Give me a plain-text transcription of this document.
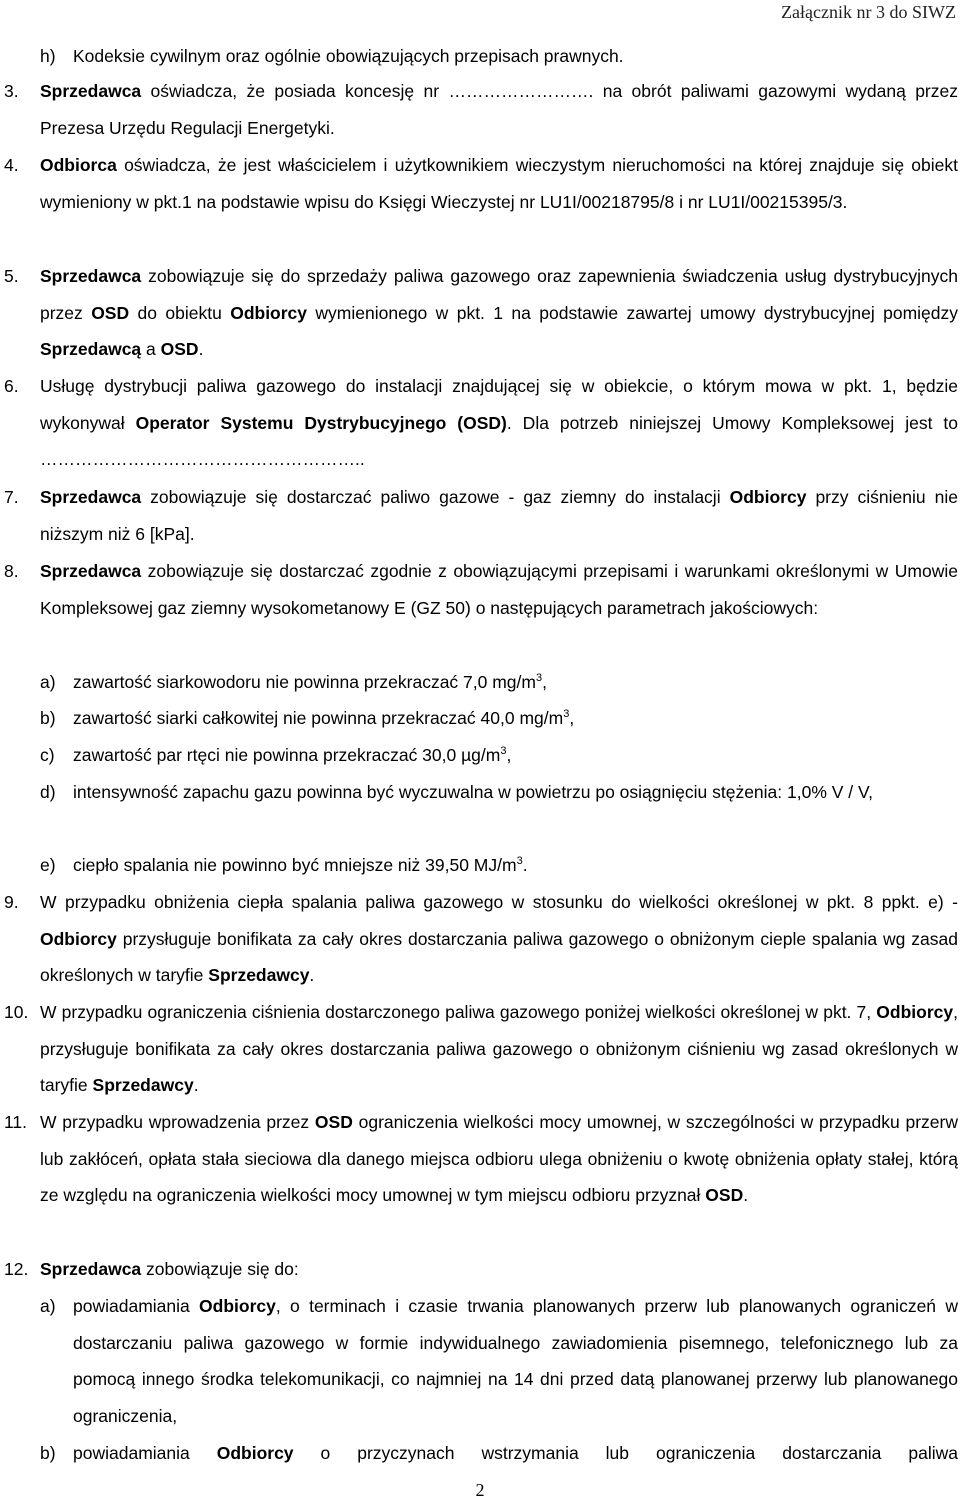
Załącznik nr 3 do SIWZ
h) Kodeksie cywilnym oraz ogólnie obowiązujących przepisach prawnych.
3.	Sprzedawca oświadcza, że posiada koncesję nr ……………………. na obrót paliwami gazowymi wydaną przez Prezesa Urzędu Regulacji Energetyki.
4.	Odbiorca oświadcza, że jest właścicielem i użytkownikiem wieczystym nieruchomości na której znajduje się obiekt wymieniony w pkt.1 na podstawie wpisu do Księgi Wieczystej nr LU1I/00218795/8 i nr LU1I/00215395/3.
5.	Sprzedawca zobowiązuje się do sprzedaży paliwa gazowego oraz zapewnienia świadczenia usług dystrybucyjnych przez OSD do obiektu Odbiorcy wymienionego w pkt. 1 na podstawie zawartej umowy dystrybucyjnej pomiędzy Sprzedawcą a OSD.
6.	Usługę dystrybucji paliwa gazowego do instalacji znajdującej się w obiekcie, o którym mowa w pkt. 1, będzie wykonywał Operator Systemu Dystrybucyjnego (OSD). Dla potrzeb niniejszej Umowy Kompleksowej jest to ………………………………………………..
7.	Sprzedawca zobowiązuje się dostarczać paliwo gazowe - gaz ziemny do instalacji Odbiorcy przy ciśnieniu nie niższym niż 6 [kPa].
8.	Sprzedawca zobowiązuje się dostarczać zgodnie z obowiązującymi przepisami i warunkami określonymi w Umowie Kompleksowej gaz ziemny wysokometanowy E (GZ 50) o następujących parametrach jakościowych:
a) zawartość siarkowodoru nie powinna przekraczać 7,0 $mg/m^3$,
b) zawartość siarki całkowitej nie powinna przekraczać 40,0 $mg/m^3$,
c)	zawartość par rtęci nie powinna przekraczać 30,0 $\mu g/m^3$,
d) intensywność zapachu gazu powinna być wyczuwalna w powietrzu po osiągnięciu stężenia: 1,0% V / V,
e) ciepło spalania nie powinno być mniejsze niż 39,50 $MJ/m^3$.
9.	W przypadku obniżenia ciepła spalania paliwa gazowego w stosunku do wielkości określonej w pkt. 8 ppkt. e) - Odbiorcy przysługuje bonifikata za cały okres dostarczania paliwa gazowego o obniżonym cieple spalania wg zasad określonych w taryfie Sprzedawcy.
10. W przypadku ograniczenia ciśnienia dostarczonego paliwa gazowego poniżej wielkości określonej w pkt. 7, Odbiorcy, przysługuje bonifikata za cały okres dostarczania paliwa gazowego o obniżonym ciśnieniu wg zasad określonych w taryfie Sprzedawcy.
11. W przypadku wprowadzenia przez OSD ograniczenia wielkości mocy umownej, w szczególności w przypadku przerw lub zakłóceń, opłata stała sieciowa dla danego miejsca odbioru ulega obniżeniu o kwotę obniżenia opłaty stałej, którą ze względu na ograniczenia wielkości mocy umownej w tym miejscu odbioru przyznał OSD.
12. Sprzedawca zobowiązuje się do:
a) powiadamiania Odbiorcy, o terminach i czasie trwania planowanych przerw lub planowanych ograniczeń w dostarczaniu paliwa gazowego w formie indywidualnego zawiadomienia pisemnego, telefonicznego lub za pomocą innego środka telekomunikacji, co najmniej na 14 dni przed datą planowanej przerwy lub planowanego ograniczenia,
b) powiadamiania Odbiorcy o przyczynach wstrzymania lub ograniczenia dostarczania paliwa
2
